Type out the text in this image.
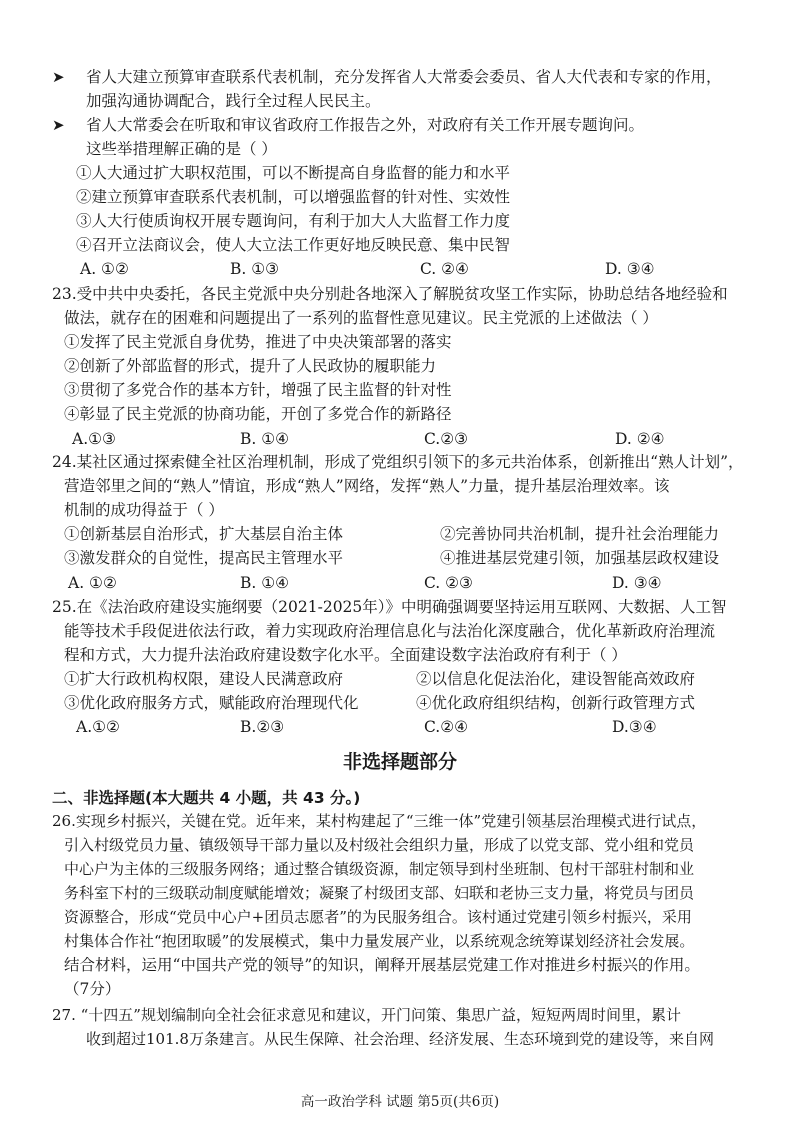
➤ 省人大建立预算审查联系代表机制，充分发挥省人大常委会委员、省人大代表和专家的作用，
加强沟通协调配合，践行全过程人民民主。
➤ 省人大常委会在听取和审议省政府工作报告之外，对政府有关工作开展专题询问。
这些举措理解正确的是（ ）
①人大通过扩大职权范围，可以不断提高自身监督的能力和水平
②建立预算审查联系代表机制，可以增强监督的针对性、实效性
③人大行使质询权开展专题询问，有利于加大人大监督工作力度
④召开立法商议会，使人大立法工作更好地反映民意、集中民智
A. ①②	B. ①③	C. ②④	D. ③④
23.受中共中央委托，各民主党派中央分别赴各地深入了解脱贫攻坚工作实际，协助总结各地经验和
做法，就存在的困难和问题提出了一系列的监督性意见建议。民主党派的上述做法（ ）
①发挥了民主党派自身优势，推进了中央决策部署的落实
②创新了外部监督的形式，提升了人民政协的履职能力
③贯彻了多党合作的基本方针，增强了民主监督的针对性
④彰显了民主党派的协商功能，开创了多党合作的新路径
A.①③	B. ①④	C.②③	D. ②④
24.某社区通过探索健全社区治理机制，形成了党组织引领下的多元共治体系，创新推出“熟人计划”，
营造邻里之间的“熟人”情谊，形成“熟人”网络，发挥“熟人”力量，提升基层治理效率。该
机制的成功得益于（ ）
①创新基层自治形式，扩大基层自治主体	②完善协同共治机制，提升社会治理能力
③激发群众的自觉性，提高民主管理水平	④推进基层党建引领，加强基层政权建设
A. ①②	B. ①④	C. ②③	D. ③④
25.在《法治政府建设实施纲要（2021-2025年）》中明确强调要坚持运用互联网、大数据、人工智
能等技术手段促进依法行政，着力实现政府治理信息化与法治化深度融合，优化革新政府治理流
程和方式，大力提升法治政府建设数字化水平。全面建设数字法治政府有利于（ ）
①扩大行政机构权限，建设人民满意政府	②以信息化促法治化，建设智能高效政府
③优化政府服务方式，赋能政府治理现代化	④优化政府组织结构，创新行政管理方式
A.①②	B.②③	C.②④	D.③④
非选择题部分
二、非选择题(本大题共 4 小题，共 43 分。)
26.实现乡村振兴，关键在党。近年来，某村构建起了“三维一体”党建引领基层治理模式进行试点，
引入村级党员力量、镇级领导干部力量以及村级社会组织力量，形成了以党支部、党小组和党员
中心户为主体的三级服务网络；通过整合镇级资源，制定领导到村坐班制、包村干部驻村制和业
务科室下村的三级联动制度赋能增效；凝聚了村级团支部、妇联和老协三支力量，将党员与团员
资源整合，形成“党员中心户+团员志愿者”的为民服务组合。该村通过党建引领乡村振兴，采用
村集体合作社“抱团取暖”的发展模式，集中力量发展产业，以系统观念统筹谋划经济社会发展。
结合材料，运用“中国共产党的领导”的知识，阐释开展基层党建工作对推进乡村振兴的作用。
（7分）
27. “十四五”规划编制向全社会征求意见和建议，开门问策、集思广益，短短两周时间里，累计
收到超过101.8万条建言。从民生保障、社会治理、经济发展、生态环境到党的建设等，来自网
高一政治学科 试题 第5页(共6页)
